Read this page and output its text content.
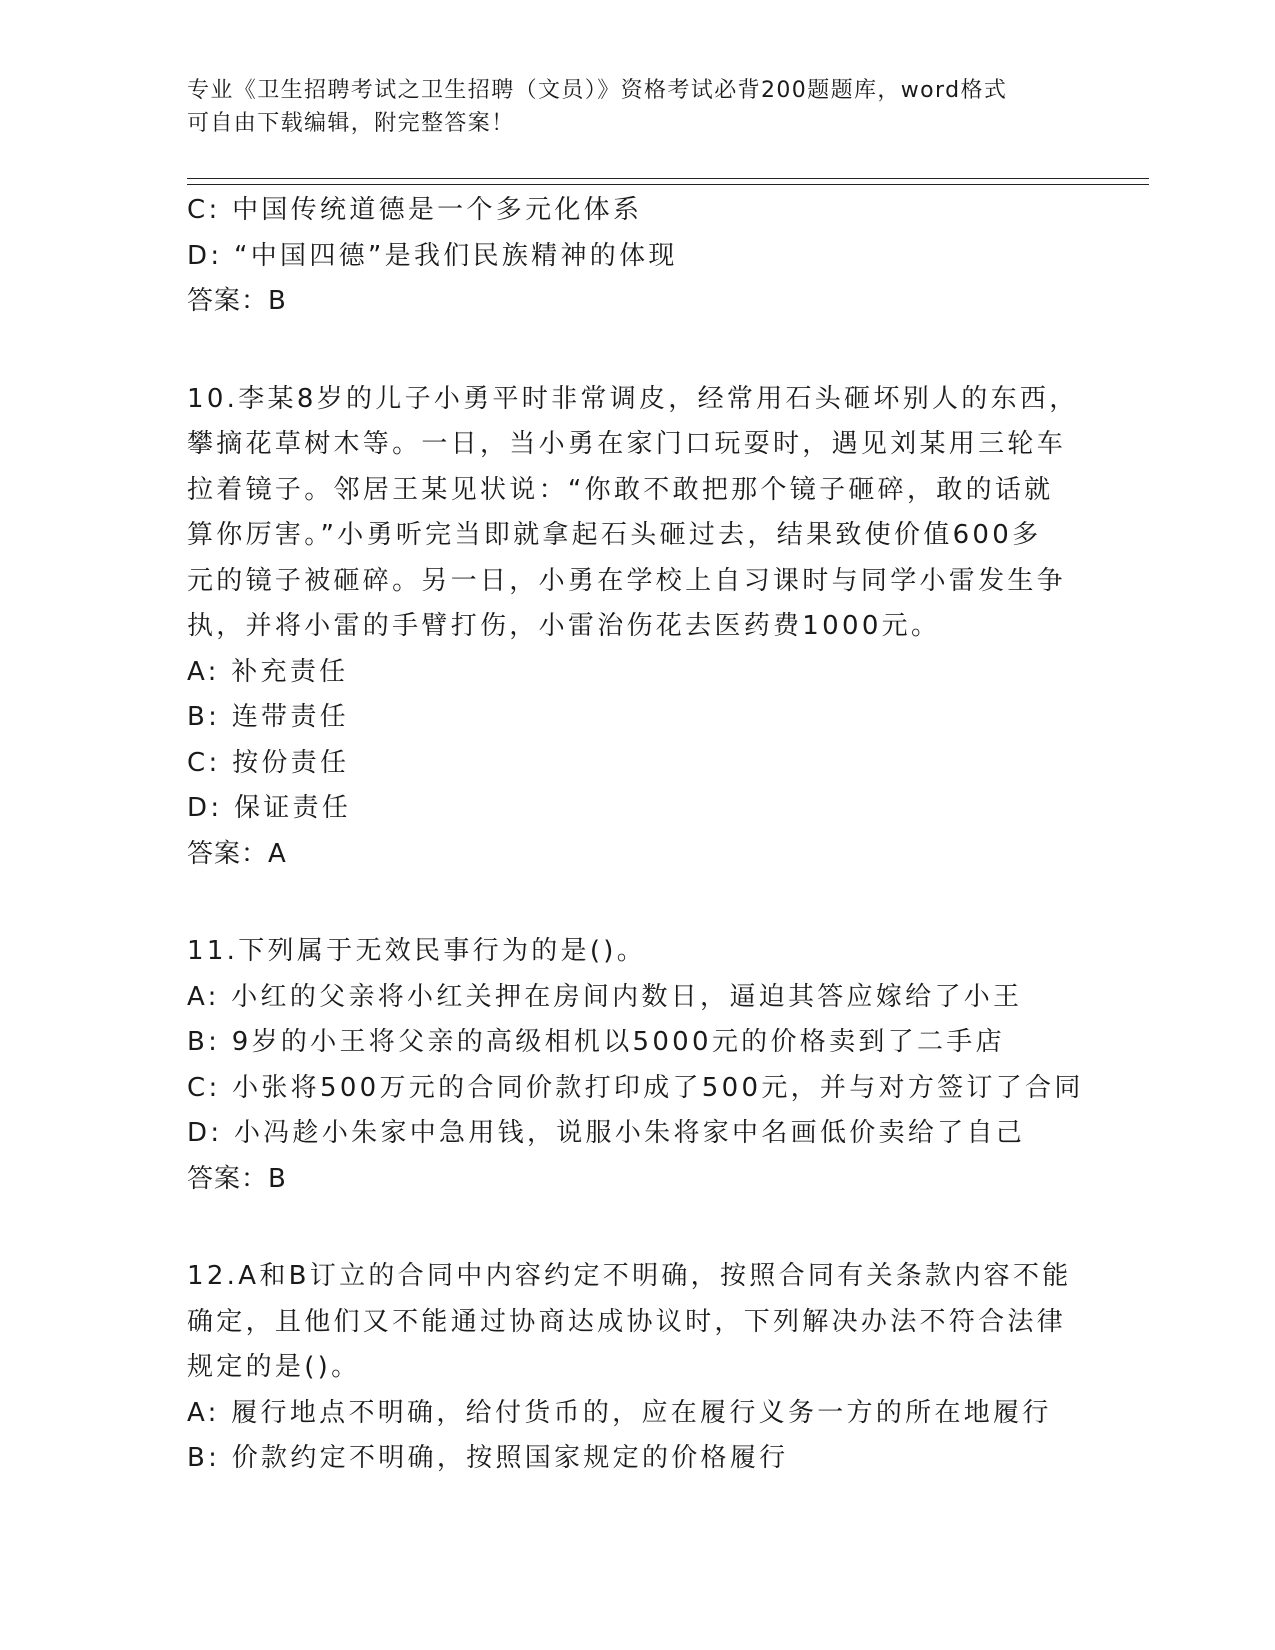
专业《卫生招聘考试之卫生招聘（文员）》资格考试必背200题题库，word格式
可自由下载编辑，附完整答案！
C: 中国传统道德是一个多元化体系
D: “中国四德”是我们民族精神的体现
答案：B
10.李某8岁的儿子小勇平时非常调皮，经常用石头砸坏别人的东西，
攀摘花草树木等。一日，当小勇在家门口玩耍时，遇见刘某用三轮车
拉着镜子。邻居王某见状说：“你敢不敢把那个镜子砸碎，敢的话就
算你厉害。”小勇听完当即就拿起石头砸过去，结果致使价值600多
元的镜子被砸碎。另一日，小勇在学校上自习课时与同学小雷发生争
执，并将小雷的手臂打伤，小雷治伤花去医药费1000元。
A: 补充责任
B: 连带责任
C: 按份责任
D: 保证责任
答案：A
11.下列属于无效民事行为的是()。
A: 小红的父亲将小红关押在房间内数日，逼迫其答应嫁给了小王
B: 9岁的小王将父亲的高级相机以5000元的价格卖到了二手店
C: 小张将500万元的合同价款打印成了500元，并与对方签订了合同
D: 小冯趁小朱家中急用钱，说服小朱将家中名画低价卖给了自己
答案：B
12.A和B订立的合同中内容约定不明确，按照合同有关条款内容不能
确定，且他们又不能通过协商达成协议时，下列解决办法不符合法律
规定的是()。
A: 履行地点不明确，给付货币的，应在履行义务一方的所在地履行
B: 价款约定不明确，按照国家规定的价格履行
